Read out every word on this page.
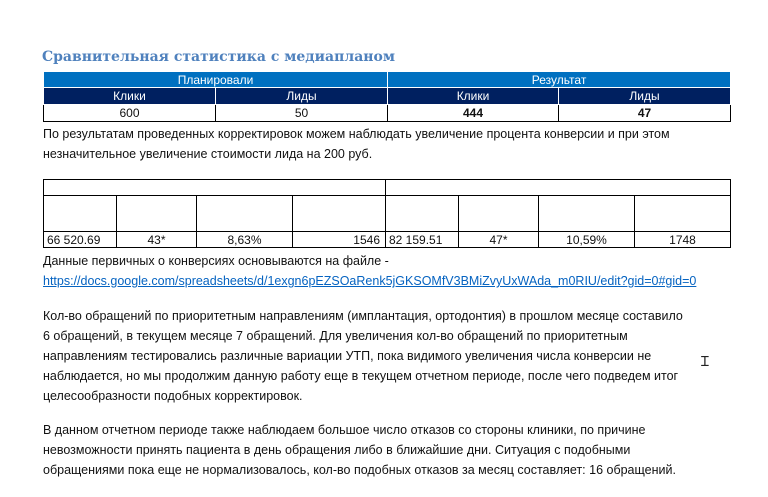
Сравнительная статистика с медиапланом
Планировали		Результат	
Клики	Лиды	Клики	Лиды
600	50	444	47
По результатам проведенных корректировок можем наблюдать увеличение процента конверсии и при этом
незначительное увеличение стоимости лида на 200 руб.

66 520.69	43*	8,63%	1546	82 159.51	47*	10,59%	1748
Данные первичных о конверсиях основываются на файле -
https://docs.google.com/spreadsheets/d/1exgn6pEZSOaRenk5jGKSOMfV3BMiZvyUxWAda_m0RIU/edit?gid=0#gid=0
Кол-во обращений по приоритетным направлениям (имплантация, ортодонтия) в прошлом месяце составило
6 обращений, в текущем месяце 7 обращений. Для увеличения кол-во обращений по приоритетным
направлениям тестировались различные вариации УТП, пока видимого увеличения числа конверсии не
наблюдается, но мы продолжим данную работу еще в текущем отчетном периоде, после чего подведем итог
целесообразности подобных корректировок.
В данном отчетном периоде также наблюдаем большое число отказов со стороны клиники, по причине
невозможности принять пациента в день обращения либо в ближайшие дни. Ситуация с подобными
обращениями пока еще не нормализовалось, кол-во подобных отказов за месяц составляет: 16 обращений.
Ɪ
